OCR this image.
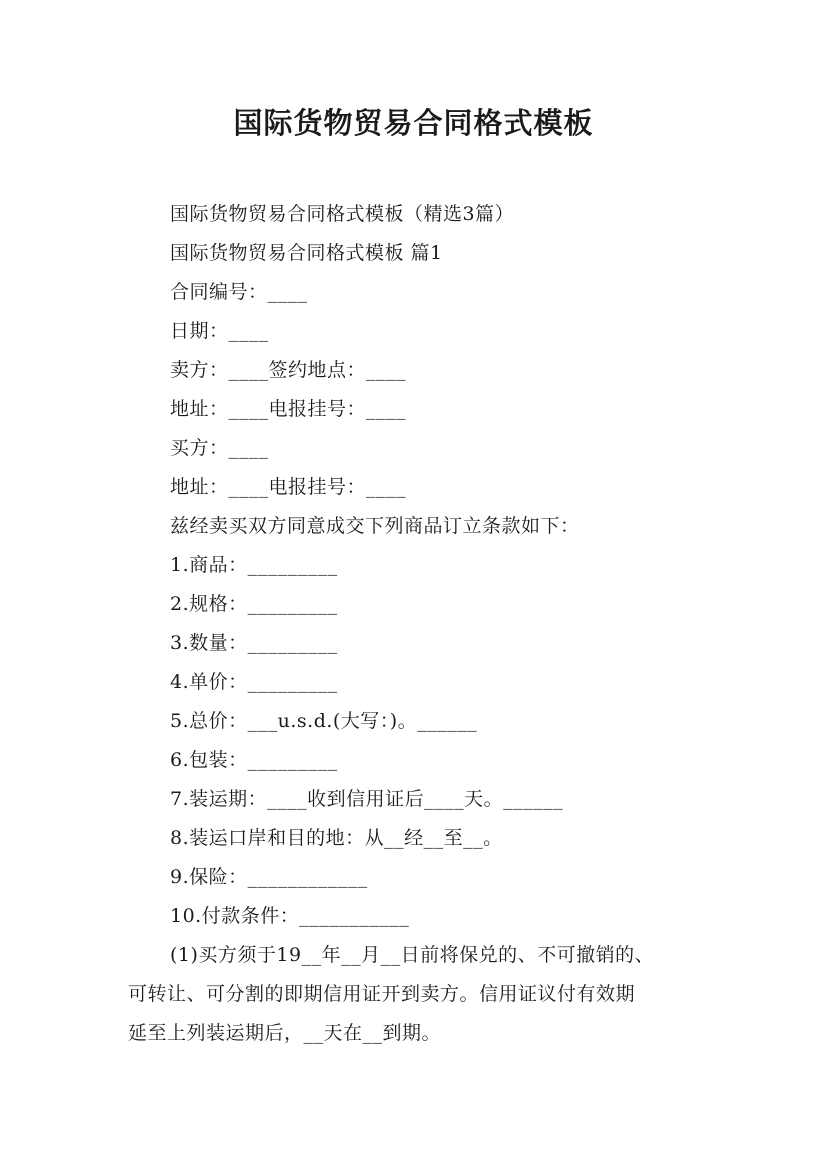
国际货物贸易合同格式模板
国际货物贸易合同格式模板（精选3篇）
国际货物贸易合同格式模板 篇1
合同编号：____
日期：____
卖方：____签约地点：____
地址：____电报挂号：____
买方：____
地址：____电报挂号：____
兹经卖买双方同意成交下列商品订立条款如下：
1.商品：_________
2.规格：_________
3.数量：_________
4.单价：_________
5.总价：___u.s.d.(大写：)。______
6.包装：_________
7.装运期：____收到信用证后____天。______
8.装运口岸和目的地：从__经__至__。
9.保险：____________
10.付款条件：___________
(1)买方须于19__年__月__日前将保兑的、不可撤销的、
可转让、可分割的即期信用证开到卖方。信用证议付有效期
延至上列装运期后，__天在__到期。
